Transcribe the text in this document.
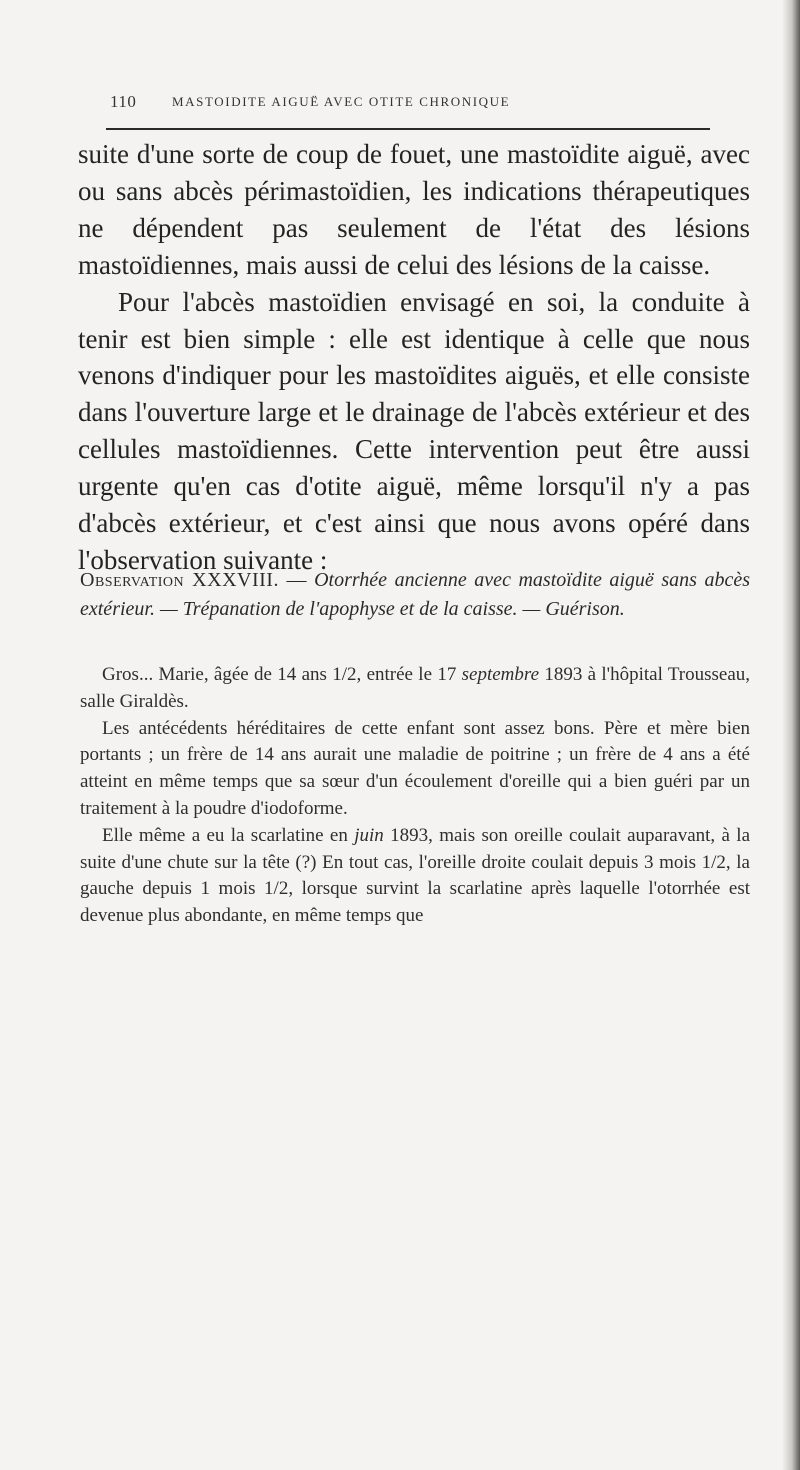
110	MASTOIDITE AIGUË AVEC OTITE CHRONIQUE

suite d'une sorte de coup de fouet, une mastoïdite aiguë, avec ou sans abcès périmastoïdien, les indications thérapeutiques ne dépendent pas seulement de l'état des lésions mastoïdiennes, mais aussi de celui des lésions de la caisse.

Pour l'abcès mastoïdien envisagé en soi, la conduite à tenir est bien simple : elle est identique à celle que nous venons d'indiquer pour les mastoïdites aiguës, et elle consiste dans l'ouverture large et le drainage de l'abcès extérieur et des cellules mastoïdiennes. Cette intervention peut être aussi urgente qu'en cas d'otite aiguë, même lorsqu'il n'y a pas d'abcès extérieur, et c'est ainsi que nous avons opéré dans l'observation suivante :

Observation XXXVIII. — Otorrhée ancienne avec mastoïdite aiguë sans abcès extérieur. — Trépanation de l'apophyse et de la caisse. — Guérison.

Gros... Marie, âgée de 14 ans 1/2, entrée le 17 septembre 1893 à l'hôpital Trousseau, salle Giraldès.

Les antécédents héréditaires de cette enfant sont assez bons. Père et mère bien portants ; un frère de 14 ans aurait une maladie de poitrine ; un frère de 4 ans a été atteint en même temps que sa sœur d'un écoulement d'oreille qui a bien guéri par un traitement à la poudre d'iodoforme.

Elle même a eu la scarlatine en juin 1893, mais son oreille coulait auparavant, à la suite d'une chute sur la tête (?) En tout cas, l'oreille droite coulait depuis 3 mois 1/2, la gauche depuis 1 mois 1/2, lorsque survint la scarlatine après laquelle l'otorrhée est devenue plus abondante, en même temps que
